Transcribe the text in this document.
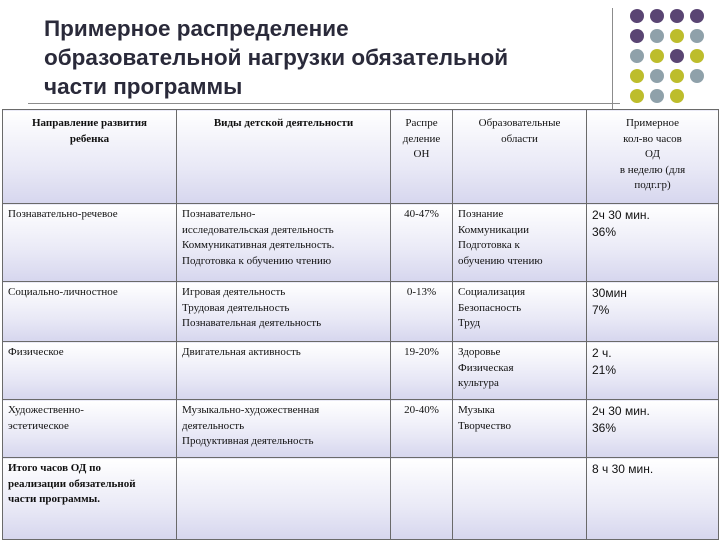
Примерное распределение
образовательной нагрузки обязательной
части программы
Направление развития
ребенка	Виды детской деятельности	Распре
деление
ОН	Образовательные
области	Примерное
кол-во часов
ОД
в неделю (для
подг.гр)

Познавательно-речевое	Познавательно-
исследовательская деятельность
Коммуникативная деятельность.
Подготовка к обучению чтению	40-47%	Познание
Коммуникации
Подготовка к
обучению чтению	2ч 30 мин.
36%

Социально-личностное	Игровая деятельность
Трудовая деятельность
Познавательная деятельность	0-13%	Социализация
Безопасность
Труд	30мин
7%

Физическое	Двигательная активность	19-20%	Здоровье
Физическая
культура	2 ч.
21%

Художественно-
эстетическое	Музыкально-художественная
деятельность
Продуктивная деятельность	20-40%	Музыка
Творчество	2ч 30 мин.
36%

Итого часов ОД по
реализации обязательной
части программы.				8 ч 30 мин.
